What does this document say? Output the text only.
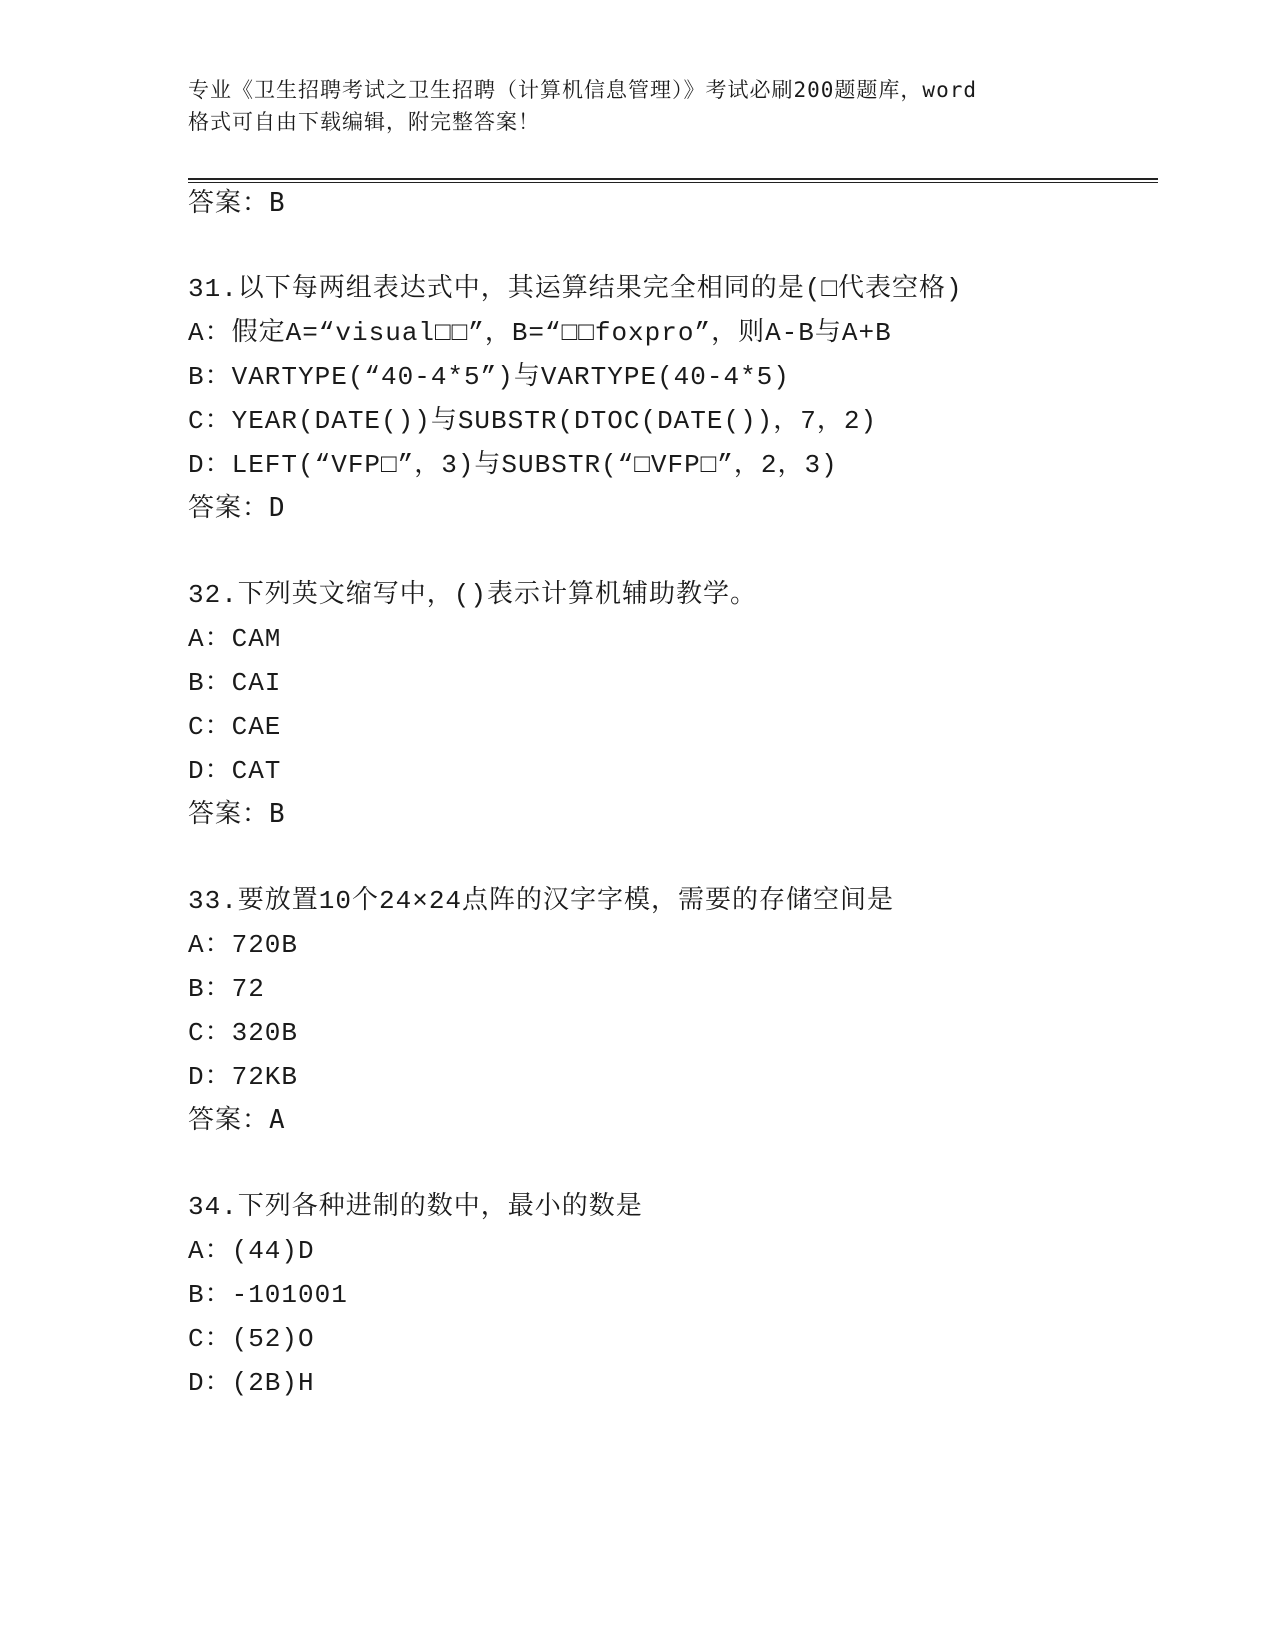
专业《卫生招聘考试之卫生招聘（计算机信息管理）》考试必刷200题题库，word
格式可自由下载编辑，附完整答案！
答案：B
31.以下每两组表达式中，其运算结果完全相同的是(□代表空格)
A：假定A=“visual□□”，B=“□□foxpro”，则A-B与A+B
B：VARTYPE(“40-4*5”)与VARTYPE(40-4*5)
C：YEAR(DATE())与SUBSTR(DTOC(DATE())，7，2)
D：LEFT(“VFP□”，3)与SUBSTR(“□VFP□”，2，3)
答案：D
32.下列英文缩写中，()表示计算机辅助教学。
A：CAM
B：CAI
C：CAE
D：CAT
答案：B
33.要放置10个24×24点阵的汉字字模，需要的存储空间是
A：720B
B：72
C：320B
D：72KB
答案：A
34.下列各种进制的数中，最小的数是
A：(44)D
B：-101001
C：(52)O
D：(2B)H
